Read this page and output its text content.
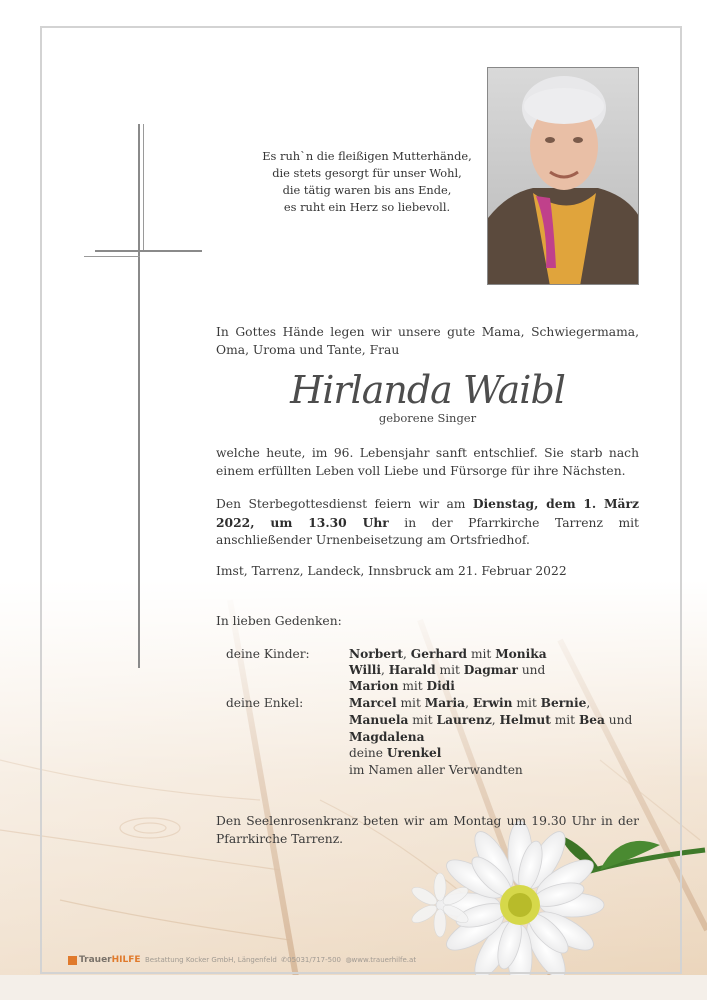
Es ruh`n die fleißigen Mutterhände,
die stets gesorgt für unser Wohl,
die tätig waren bis ans Ende,
es ruht ein Herz so liebevoll.
In Gottes Hände legen wir unsere gute Mama, Schwiegermama, Oma, Uroma und Tante, Frau
Hirlanda Waibl
geborene Singer
welche heute, im 96. Lebensjahr sanft entschlief. Sie starb nach einem erfüllten Leben voll Liebe und Fürsorge für ihre Nächsten.
Den Sterbegottesdienst feiern wir am Dienstag, dem 1. März 2022, um 13.30 Uhr in der Pfarrkirche Tarrenz mit anschließender Urnenbeisetzung am Ortsfriedhof.
Imst, Tarrenz, Landeck, Innsbruck am 21. Februar 2022
In lieben Gedenken:
deine Kinder:	Norbert, Gerhard mit Monika
Willi, Harald mit Dagmar und
Marion mit Didi
deine Enkel:	Marcel mit Maria, Erwin mit Bernie,
Manuela mit Laurenz, Helmut mit Bea und
Magdalena
deine Urenkel
im Namen aller Verwandten
Den Seelenrosenkranz beten wir am Montag um 19.30 Uhr in der Pfarrkirche Tarrenz.
TrauerHILFE Bestattung Kocker GmbH, Längenfeld ✆05031/717-500 ◍www.trauerhilfe.at
